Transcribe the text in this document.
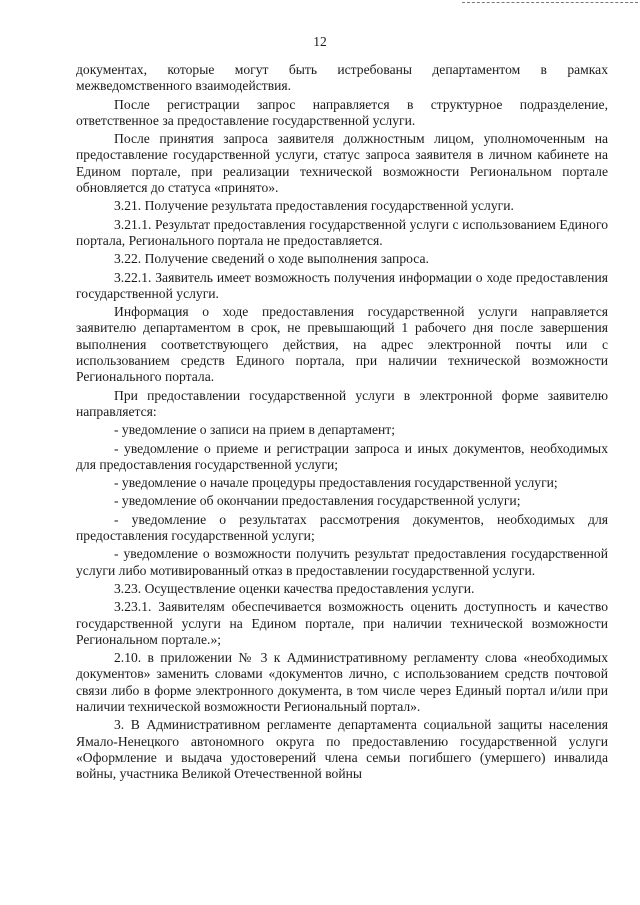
12

документах, которые могут быть истребованы департаментом в рамках межведомственного взаимодействия.

После регистрации запрос направляется в структурное подразделение, ответственное за предоставление государственной услуги.

После принятия запроса заявителя должностным лицом, уполномоченным на предоставление государственной услуги, статус запроса заявителя в личном кабинете на Едином портале, при реализации технической возможности Региональном портале обновляется до статуса «принято».

3.21. Получение результата предоставления государственной услуги.

3.21.1. Результат предоставления государственной услуги с использованием Единого портала, Регионального портала не предоставляется.

3.22. Получение сведений о ходе выполнения запроса.

3.22.1. Заявитель имеет возможность получения информации о ходе предоставления государственной услуги.

Информация о ходе предоставления государственной услуги направляется заявителю департаментом в срок, не превышающий 1 рабочего дня после завершения выполнения соответствующего действия, на адрес электронной почты или с использованием средств Единого портала, при наличии технической возможности Регионального портала.

При предоставлении государственной услуги в электронной форме заявителю направляется:

- уведомление о записи на прием в департамент;

- уведомление о приеме и регистрации запроса и иных документов, необходимых для предоставления государственной услуги;

- уведомление о начале процедуры предоставления государственной услуги;

- уведомление об окончании предоставления государственной услуги;

- уведомление о результатах рассмотрения документов, необходимых для предоставления государственной услуги;

- уведомление о возможности получить результат предоставления государственной услуги либо мотивированный отказ в предоставлении государственной услуги.

3.23. Осуществление оценки качества предоставления услуги.

3.23.1. Заявителям обеспечивается возможность оценить доступность и качество государственной услуги на Едином портале, при наличии технической возможности Региональном портале.»;

2.10. в приложении № 3 к Административному регламенту слова «необходимых документов» заменить словами «документов лично, с использованием средств почтовой связи либо в форме электронного документа, в том числе через Единый портал и/или при наличии технической возможности Региональный портал».

3. В Административном регламенте департамента социальной защиты населения Ямало-Ненецкого автономного округа по предоставлению государственной услуги «Оформление и выдача удостоверений члена семьи погибшего (умершего) инвалида войны, участника Великой Отечественной войны
